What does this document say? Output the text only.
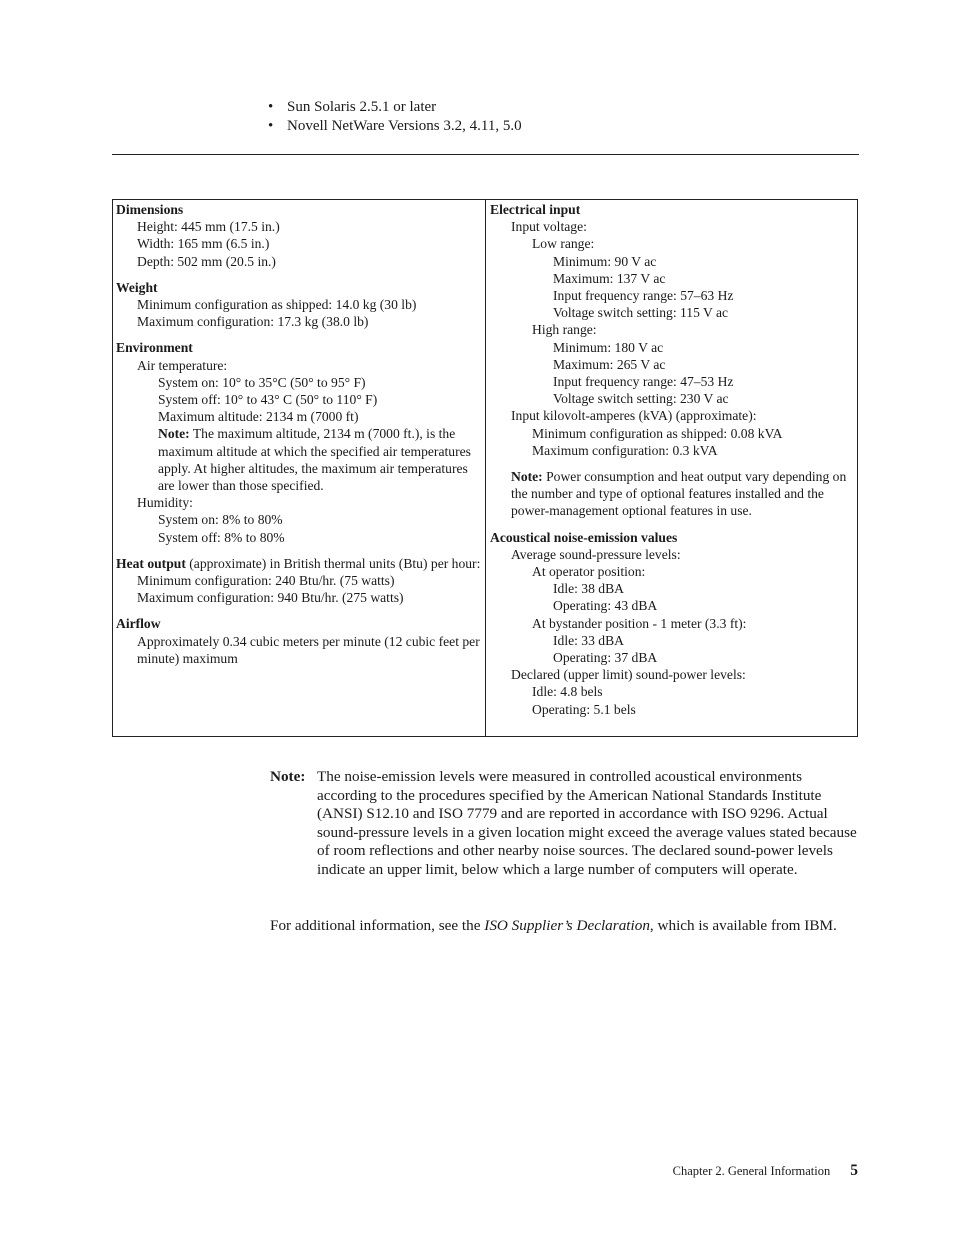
• Sun Solaris 2.5.1 or later
• Novell NetWare Versions 3.2, 4.11, 5.0
Dimensions
Height: 445 mm (17.5 in.)
Width: 165 mm (6.5 in.)
Depth: 502 mm (20.5 in.)
Weight
Minimum configuration as shipped: 14.0 kg (30 lb)
Maximum configuration: 17.3 kg (38.0 lb)
Environment
Air temperature:
System on: 10° to 35°C (50° to 95° F)
System off: 10° to 43° C (50° to 110° F)
Maximum altitude: 2134 m (7000 ft)
Note: The maximum altitude, 2134 m (7000 ft.), is the maximum altitude at which the specified air temperatures apply. At higher altitudes, the maximum air temperatures are lower than those specified.
Humidity:
System on: 8% to 80%
System off: 8% to 80%
Heat output (approximate) in British thermal units (Btu) per hour:
Minimum configuration: 240 Btu/hr. (75 watts)
Maximum configuration: 940 Btu/hr. (275 watts)
Airflow
Approximately 0.34 cubic meters per minute (12 cubic feet per minute) maximum
Electrical input
Input voltage:
Low range:
Minimum: 90 V ac
Maximum: 137 V ac
Input frequency range: 57–63 Hz
Voltage switch setting: 115 V ac
High range:
Minimum: 180 V ac
Maximum: 265 V ac
Input frequency range: 47–53 Hz
Voltage switch setting: 230 V ac
Input kilovolt-amperes (kVA) (approximate):
Minimum configuration as shipped: 0.08 kVA
Maximum configuration: 0.3 kVA
Note: Power consumption and heat output vary depending on the number and type of optional features installed and the power-management optional features in use.
Acoustical noise-emission values
Average sound-pressure levels:
At operator position:
Idle: 38 dBA
Operating: 43 dBA
At bystander position - 1 meter (3.3 ft):
Idle: 33 dBA
Operating: 37 dBA
Declared (upper limit) sound-power levels:
Idle: 4.8 bels
Operating: 5.1 bels
Note: The noise-emission levels were measured in controlled acoustical environments according to the procedures specified by the American National Standards Institute (ANSI) S12.10 and ISO 7779 and are reported in accordance with ISO 9296. Actual sound-pressure levels in a given location might exceed the average values stated because of room reflections and other nearby noise sources. The declared sound-power levels indicate an upper limit, below which a large number of computers will operate.
For additional information, see the ISO Supplier’s Declaration, which is available from IBM.
Chapter 2. General Information 5
